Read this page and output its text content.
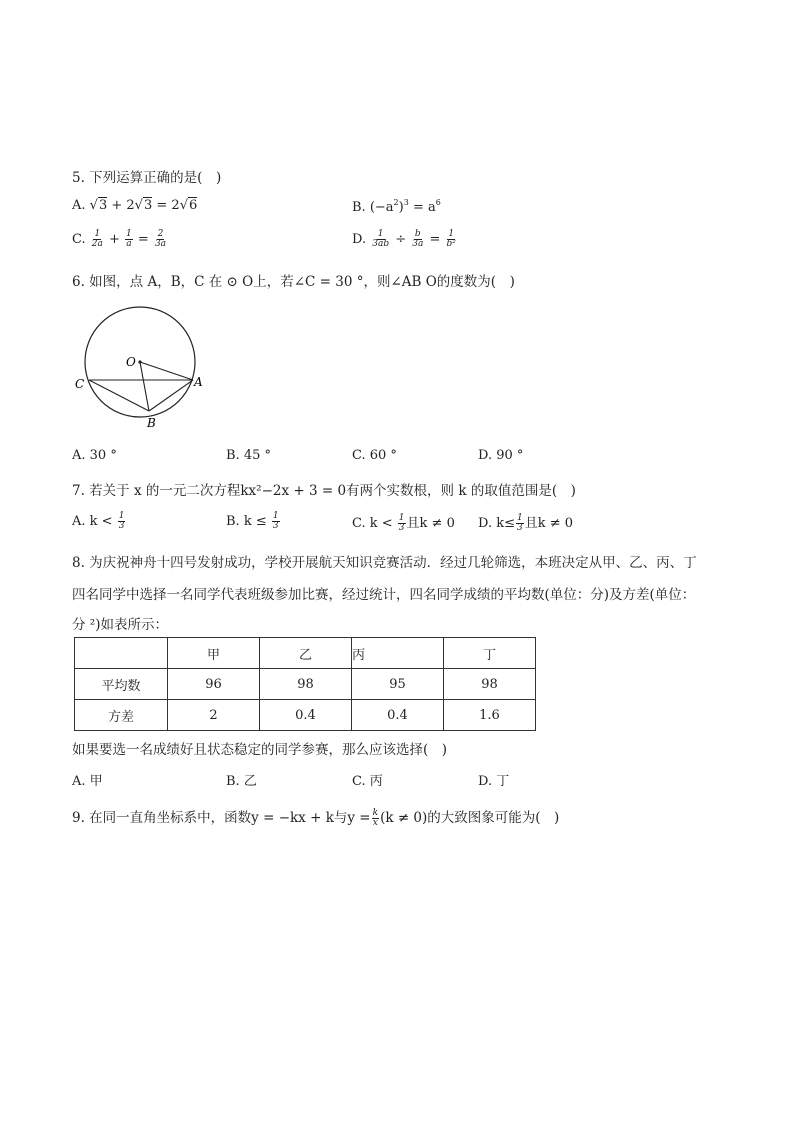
5. 下列运算正确的是(　)
A. √3 + 2√3 = 2√6	B. $(-a^2)^3 = a^6$
C. $\frac{1}{2a} + \frac{1}{a} = \frac{2}{3a}$	D. $\frac{1}{3ab} \div \frac{b}{3a} = \frac{1}{\text{b²}}$
6. 如图，点 A，B，C 在 ⊙ O上，若∠C = 30 °，则∠AB O的度数为(　)
O
A
B
C
A. 30 °	B. 45 °	C. 60 °	D. 90 °
7. 若关于 x 的一元二次方程kx²−2x + 3 = 0有两个实数根，则 k 的取值范围是(　)
A. $k < \frac{1}{3}$	B. $k \le \frac{1}{3}$	C. $k < \frac{1}{3}$ 且k ≠ 0 D. $k\le \frac{1}{3}$ 且k ≠ 0
8. 为庆祝神舟十四号发射成功，学校开展航天知识竞赛活动．经过几轮筛选，本班决定从甲、乙、丙、丁
四名同学中选择一名同学代表班级参加比赛，经过统计，四名同学成绩的平均数(单位：分)及方差(单位：
分 ²)如表所示：
	甲	乙	丙	丁
平均数	96	98	95	98
方差	2	0.4	0.4	1.6
如果要选一名成绩好且状态稳定的同学参赛，那么应该选择(　)
A. 甲	B. 乙	C. 丙	D. 丁
9. 在同一直角坐标系中，函数y = −kx + k与$y = \frac{k}{x} (k \ne 0)$的大致图象可能为(　)
